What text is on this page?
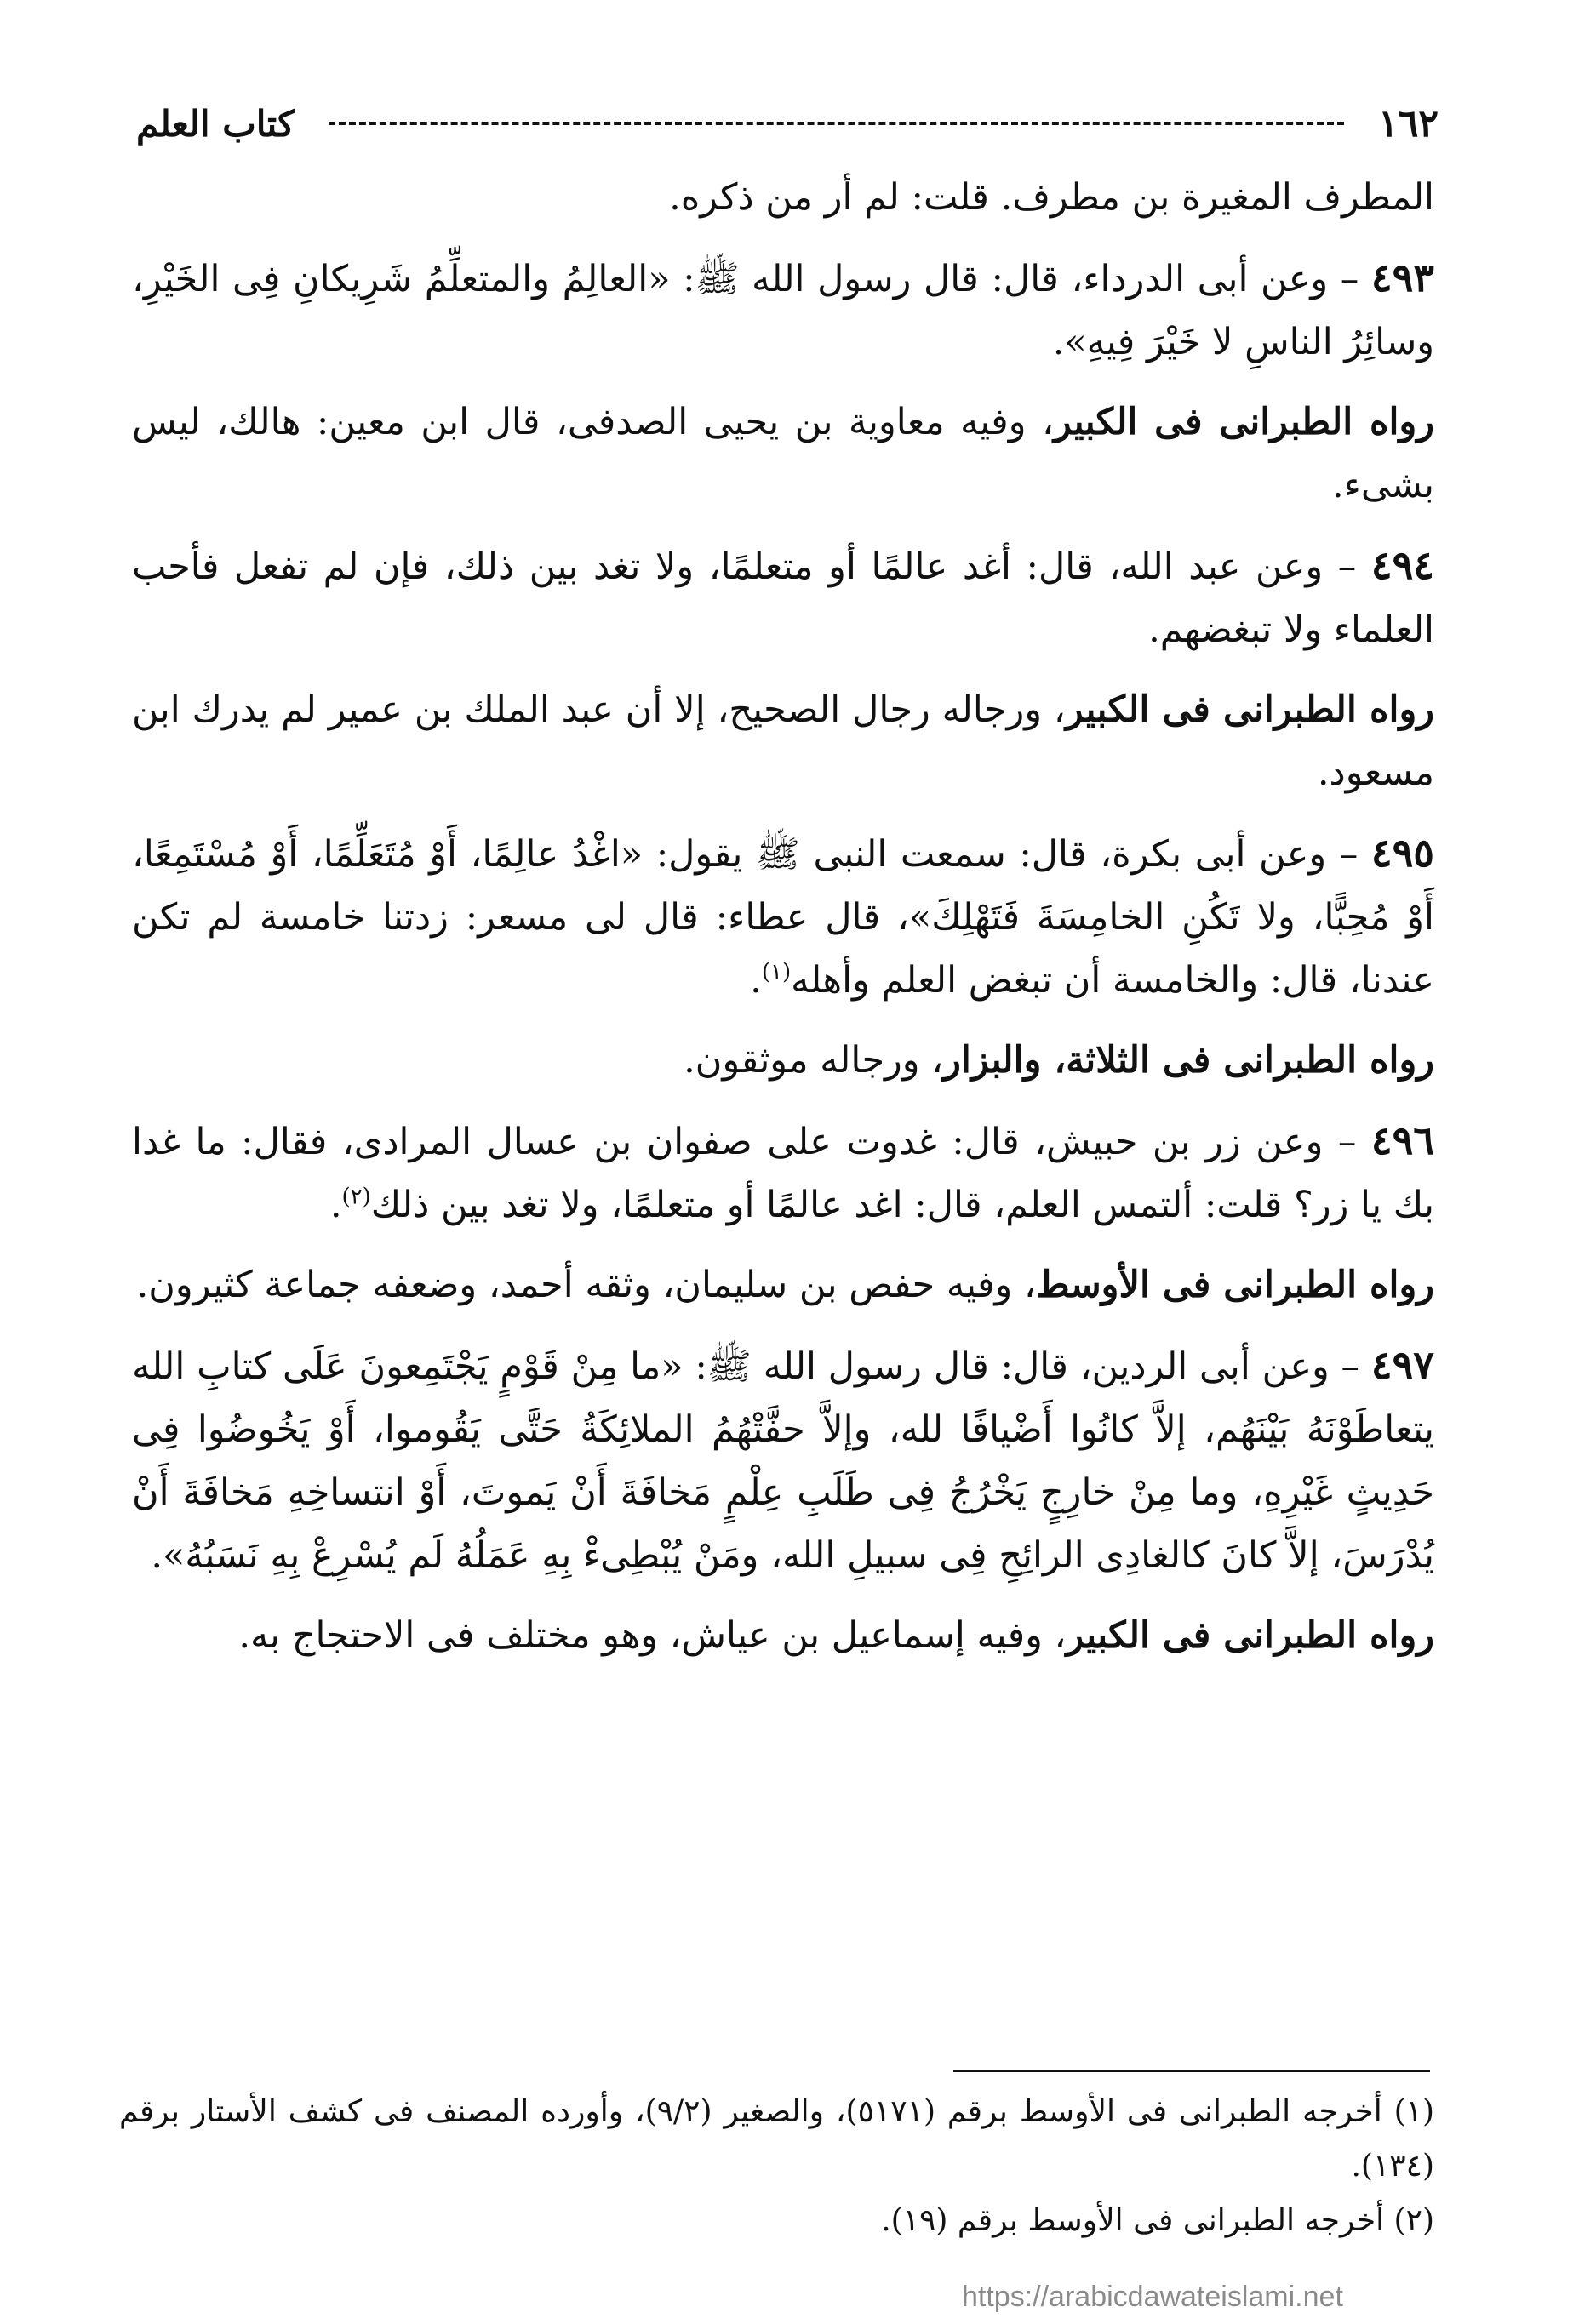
١٦٢
كتاب العلم

المطرف المغيرة بن مطرف. قلت: لم أر من ذكره.

٤٩٣ – وعن أبى الدرداء، قال: قال رسول الله ﷺ: «العالِمُ والمتعلِّمُ شَرِيكانِ فِى الخَيْرِ، وسائِرُ الناسِ لا خَيْرَ فِيهِ».

رواه الطبرانى فى الكبير، وفيه معاوية بن يحيى الصدفى، قال ابن معين: هالك، ليس بشىء.

٤٩٤ – وعن عبد الله، قال: أغد عالمًا أو متعلمًا، ولا تغد بين ذلك، فإن لم تفعل فأحب العلماء ولا تبغضهم.

رواه الطبرانى فى الكبير، ورجاله رجال الصحيح، إلا أن عبد الملك بن عمير لم يدرك ابن مسعود.

٤٩٥ – وعن أبى بكرة، قال: سمعت النبى ﷺ يقول: «اغْدُ عالِمًا، أَوْ مُتَعَلِّمًا، أَوْ مُسْتَمِعًا، أَوْ مُحِبًّا، ولا تَكُنِ الخامِسَةَ فَتَهْلِكَ»، قال عطاء: قال لى مسعر: زدتنا خامسة لم تكن عندنا، قال: والخامسة أن تبغض العلم وأهله$^{(١)}$.

رواه الطبرانى فى الثلاثة، والبزار، ورجاله موثقون.

٤٩٦ – وعن زر بن حبيش، قال: غدوت على صفوان بن عسال المرادى، فقال: ما غدا بك يا زر؟ قلت: ألتمس العلم، قال: اغد عالمًا أو متعلمًا، ولا تغد بين ذلك$^{(٢)}$.

رواه الطبرانى فى الأوسط، وفيه حفص بن سليمان، وثقه أحمد، وضعفه جماعة كثيرون.

٤٩٧ – وعن أبى الردين، قال: قال رسول الله ﷺ: «ما مِنْ قَوْمٍ يَجْتَمِعونَ عَلَى كتابِ الله يتعاطَوْنَهُ بَيْنَهُم، إلاَّ كانُوا أَضْيافًا لله، وإلاَّ حفَّتْهُمُ الملائِكَةُ حَتَّى يَقُوموا، أَوْ يَخُوضُوا فِى حَدِيثٍ غَيْرِهِ، وما مِنْ خارِجٍ يَخْرُجُ فِى طَلَبِ عِلْمٍ مَخافَةَ أَنْ يَموتَ، أَوْ انتساخِهِ مَخافَةَ أَنْ يُدْرَسَ، إلاَّ كانَ كالغادِى الرائِحِ فِى سبيلِ الله، ومَنْ يُبْطِىءْ بِهِ عَمَلُهُ لَم يُسْرِعْ بِهِ نَسَبُهُ».

رواه الطبرانى فى الكبير، وفيه إسماعيل بن عياش، وهو مختلف فى الاحتجاج به.

(١) أخرجه الطبرانى فى الأوسط برقم (٥١٧١)، والصغير (٩/٢)، وأورده المصنف فى كشف الأستار برقم (١٣٤).

(٢) أخرجه الطبرانى فى الأوسط برقم (١٩).

https://arabicdawateislami.net
